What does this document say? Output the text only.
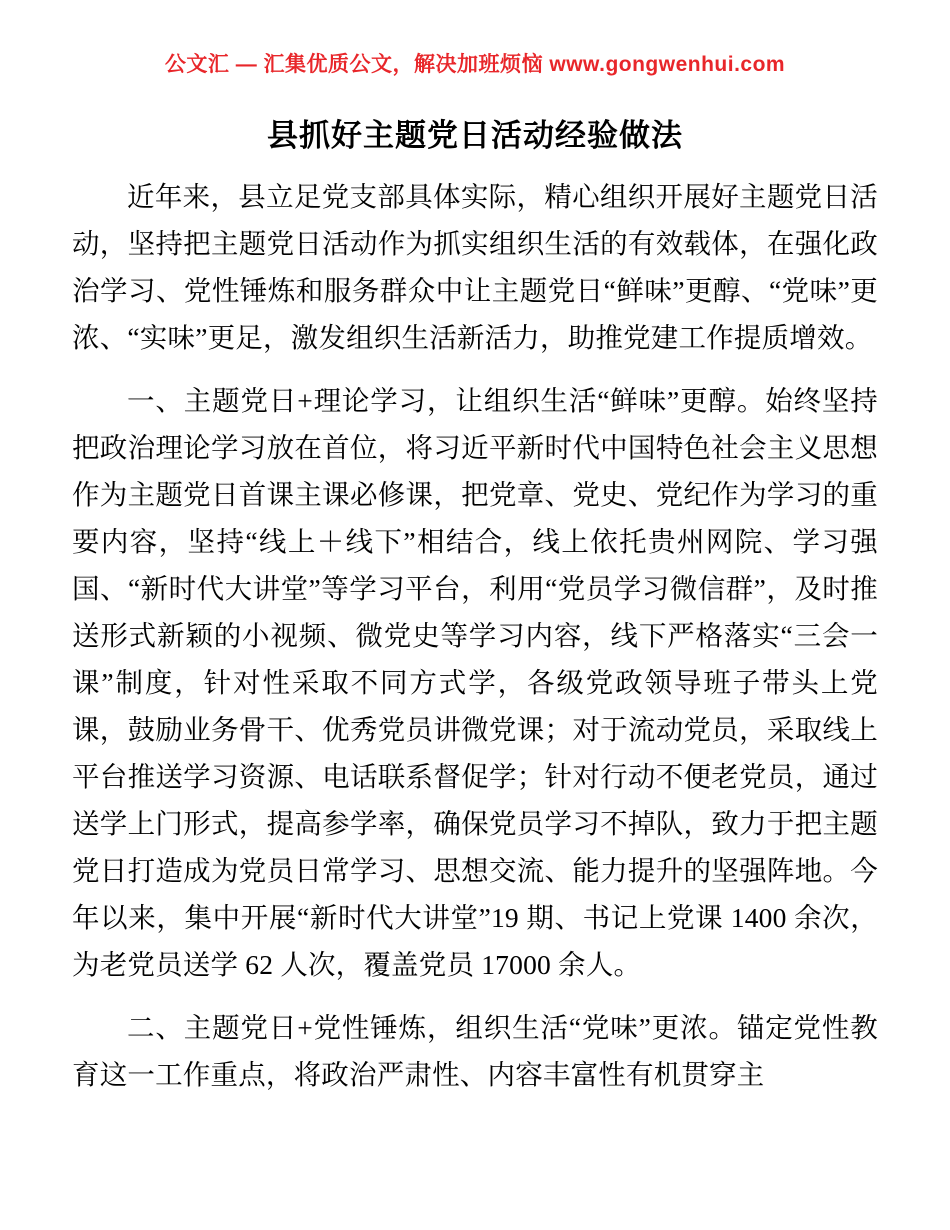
公文汇 — 汇集优质公文，解决加班烦恼 www.gongwenhui.com
县抓好主题党日活动经验做法

近年来，县立足党支部具体实际，精心组织开展好主题党日活动，坚持把主题党日活动作为抓实组织生活的有效载体，在强化政治学习、党性锤炼和服务群众中让主题党日“鲜味”更醇、“党味”更浓、“实味”更足，激发组织生活新活力，助推党建工作提质增效。

一、主题党日+理论学习，让组织生活“鲜味”更醇。始终坚持把政治理论学习放在首位，将习近平新时代中国特色社会主义思想作为主题党日首课主课必修课，把党章、党史、党纪作为学习的重要内容，坚持“线上＋线下”相结合，线上依托贵州网院、学习强国、“新时代大讲堂”等学习平台，利用“党员学习微信群”，及时推送形式新颖的小视频、微党史等学习内容，线下严格落实“三会一课”制度，针对性采取不同方式学，各级党政领导班子带头上党课，鼓励业务骨干、优秀党员讲微党课；对于流动党员，采取线上平台推送学习资源、电话联系督促学；针对行动不便老党员，通过送学上门形式，提高参学率，确保党员学习不掉队，致力于把主题党日打造成为党员日常学习、思想交流、能力提升的坚强阵地。今年以来，集中开展“新时代大讲堂”19 期、书记上党课 1400 余次，为老党员送学 62 人次，覆盖党员 17000 余人。

二、主题党日+党性锤炼，组织生活“党味”更浓。锚定党性教育这一工作重点，将政治严肃性、内容丰富性有机贯穿主
